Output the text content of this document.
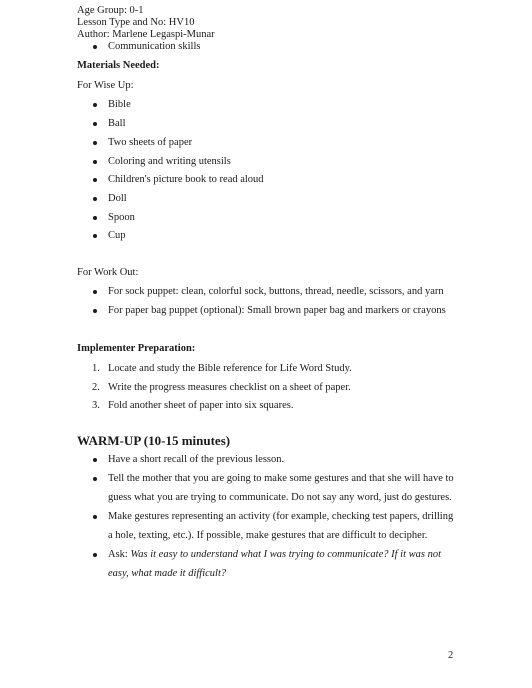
Age Group: 0-1
Lesson Type and No: HV10
Author: Marlene Legaspi-Munar
Communication skills
Materials Needed:
For Wise Up:
Bible
Ball
Two sheets of paper
Coloring and writing utensils
Children's picture book to read aloud
Doll
Spoon
Cup
For Work Out:
For sock puppet: clean, colorful sock, buttons, thread, needle, scissors, and yarn
For paper bag puppet (optional): Small brown paper bag and markers or crayons
Implementer Preparation:
1. Locate and study the Bible reference for Life Word Study.
2. Write the progress measures checklist on a sheet of paper.
3. Fold another sheet of paper into six squares.
WARM-UP (10-15 minutes)
Have a short recall of the previous lesson.
Tell the mother that you are going to make some gestures and that she will have to
guess what you are trying to communicate. Do not say any word, just do gestures.
Make gestures representing an activity (for example, checking test papers, drilling
a hole, texting, etc.). If possible, make gestures that are difficult to decipher.
Ask: Was it easy to understand what I was trying to communicate? If it was not
easy, what made it difficult?
2
